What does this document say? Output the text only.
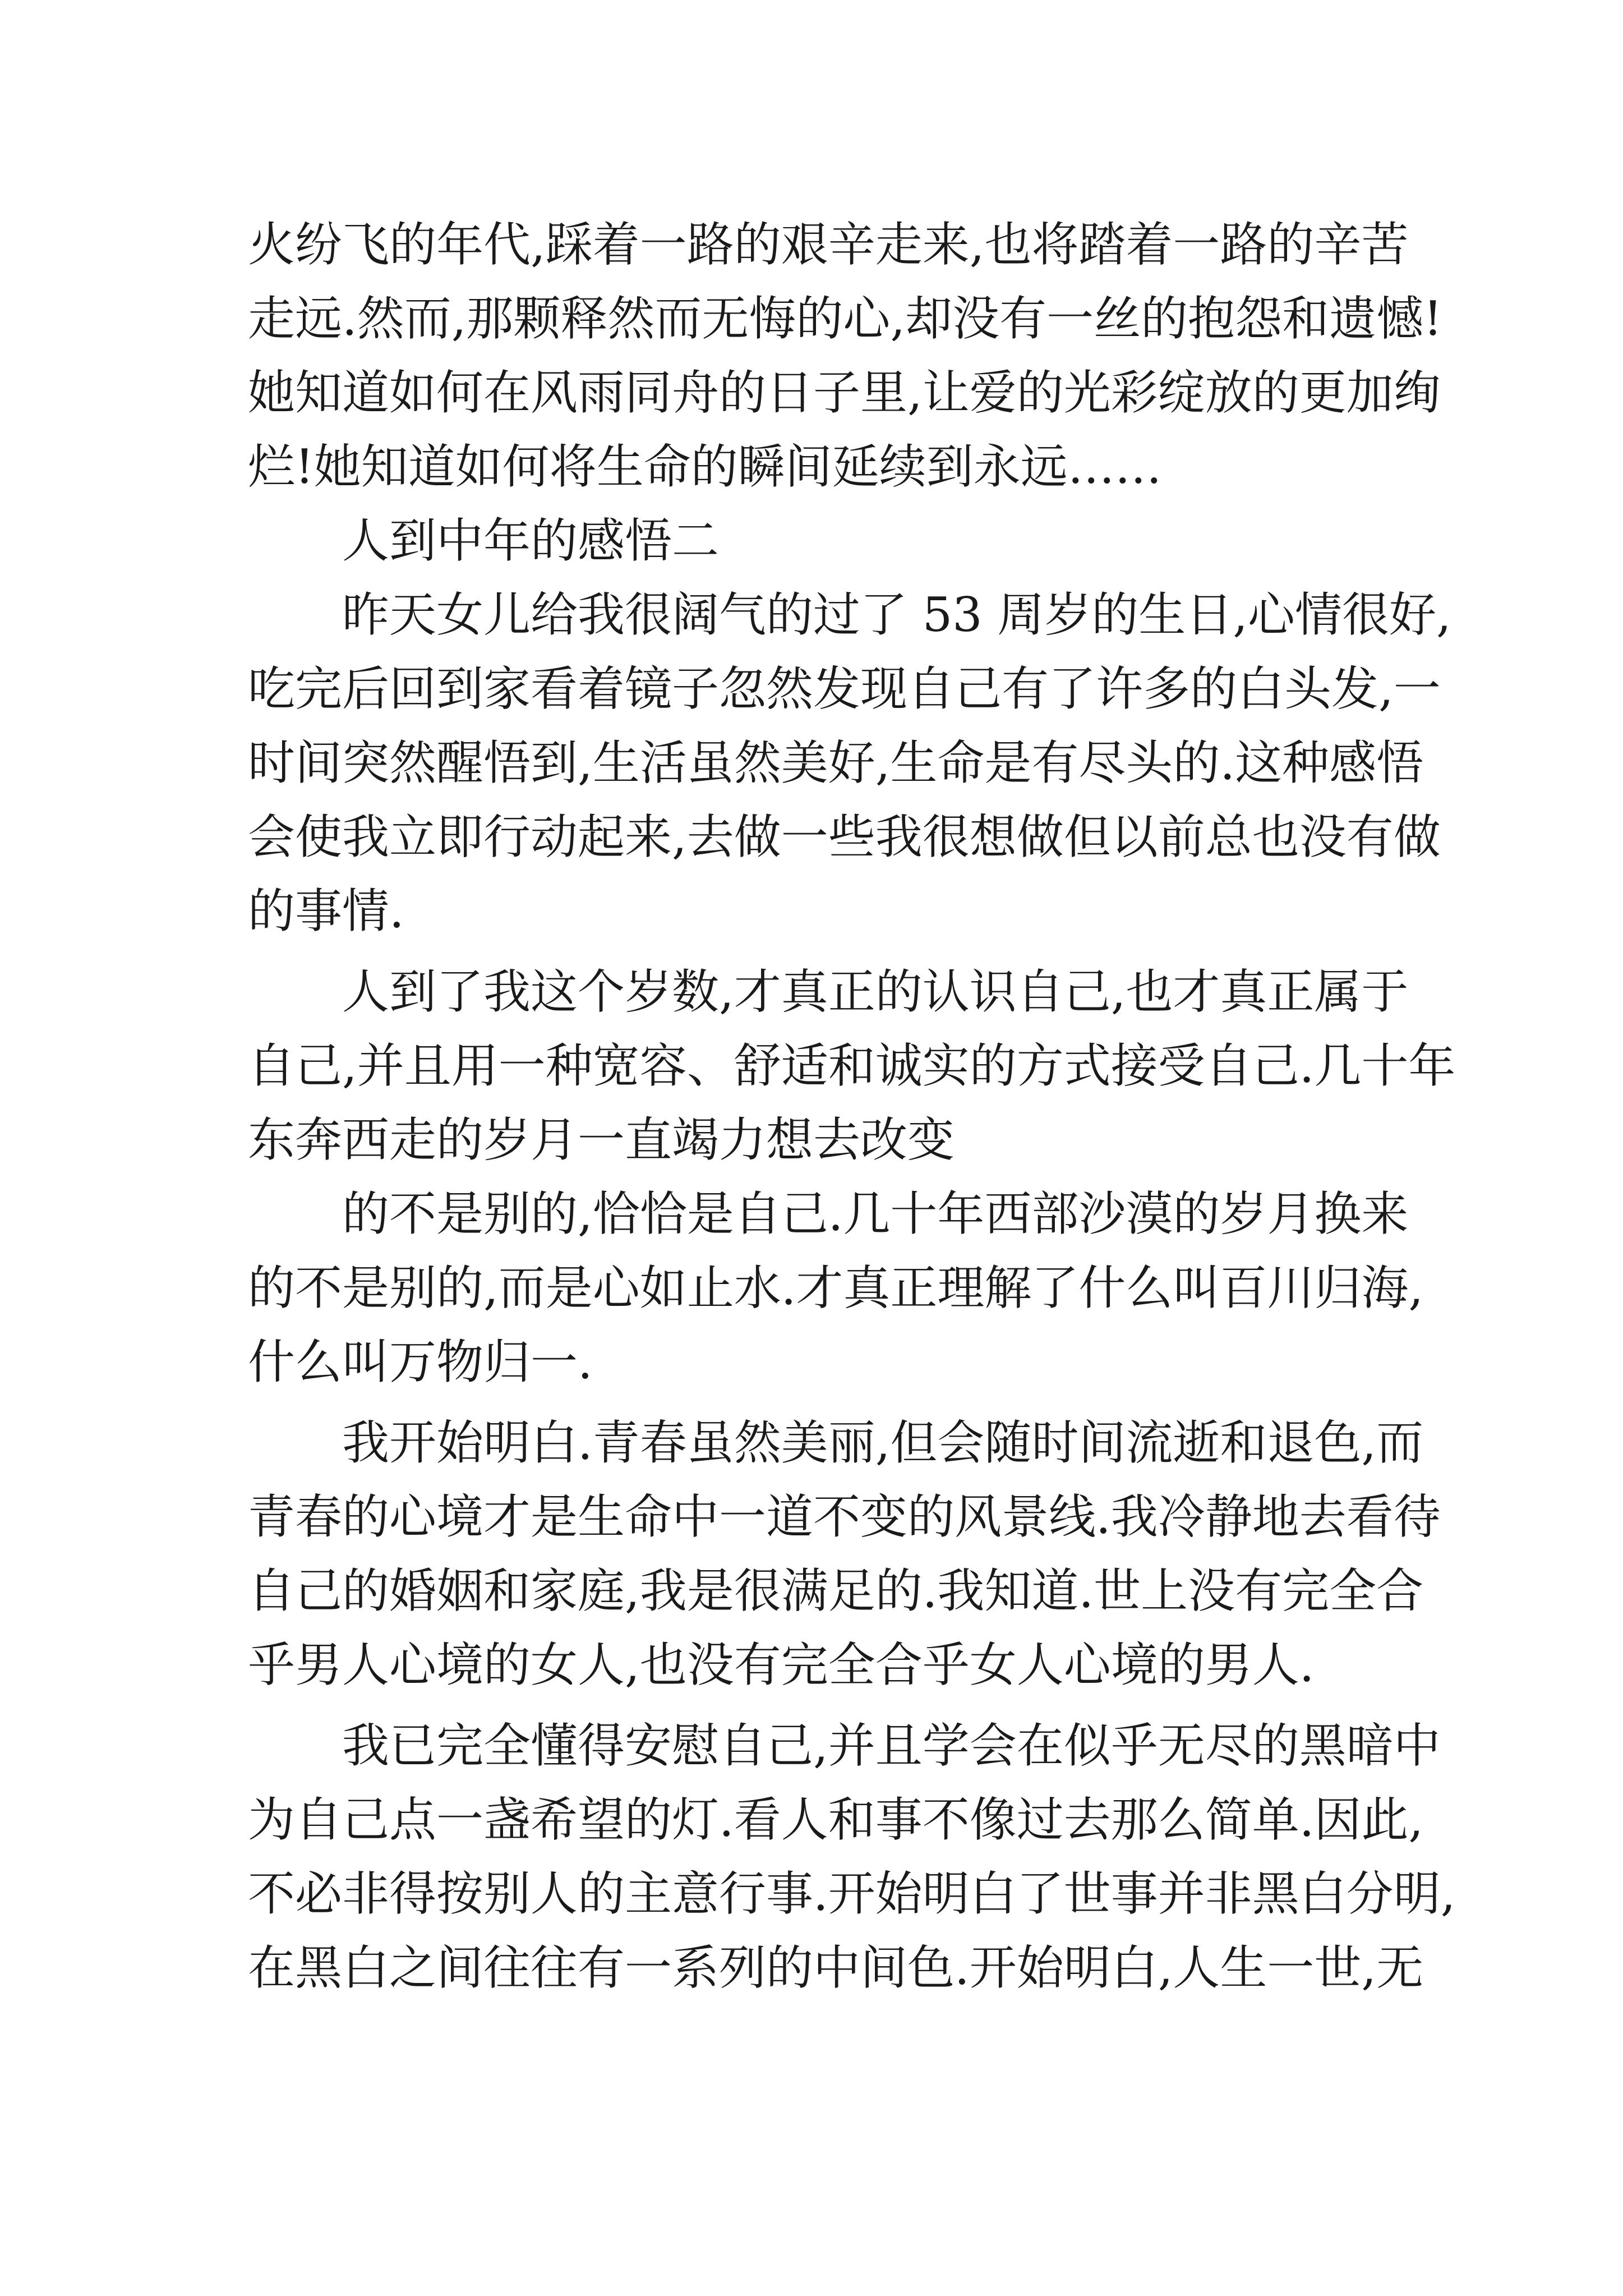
火纷飞的年代,踩着一路的艰辛走来,也将踏着一路的辛苦
走远.然而,那颗释然而无悔的心,却没有一丝的抱怨和遗憾!
她知道如何在风雨同舟的日子里,让爱的光彩绽放的更加绚
烂!她知道如何将生命的瞬间延续到永远……
人到中年的感悟二
昨天女儿给我很阔气的过了 53 周岁的生日,心情很好,
吃完后回到家看着镜子忽然发现自己有了许多的白头发,一
时间突然醒悟到,生活虽然美好,生命是有尽头的.这种感悟
会使我立即行动起来,去做一些我很想做但以前总也没有做
的事情.
人到了我这个岁数,才真正的认识自己,也才真正属于
自己,并且用一种宽容、舒适和诚实的方式接受自己.几十年
东奔西走的岁月一直竭力想去改变
的不是别的,恰恰是自己.几十年西部沙漠的岁月换来
的不是别的,而是心如止水.才真正理解了什么叫百川归海,
什么叫万物归一.
我开始明白.青春虽然美丽,但会随时间流逝和退色,而
青春的心境才是生命中一道不变的风景线.我冷静地去看待
自己的婚姻和家庭,我是很满足的.我知道.世上没有完全合
乎男人心境的女人,也没有完全合乎女人心境的男人.
我已完全懂得安慰自己,并且学会在似乎无尽的黑暗中
为自己点一盏希望的灯.看人和事不像过去那么简单.因此,
不必非得按别人的主意行事.开始明白了世事并非黑白分明,
在黑白之间往往有一系列的中间色.开始明白,人生一世,无
